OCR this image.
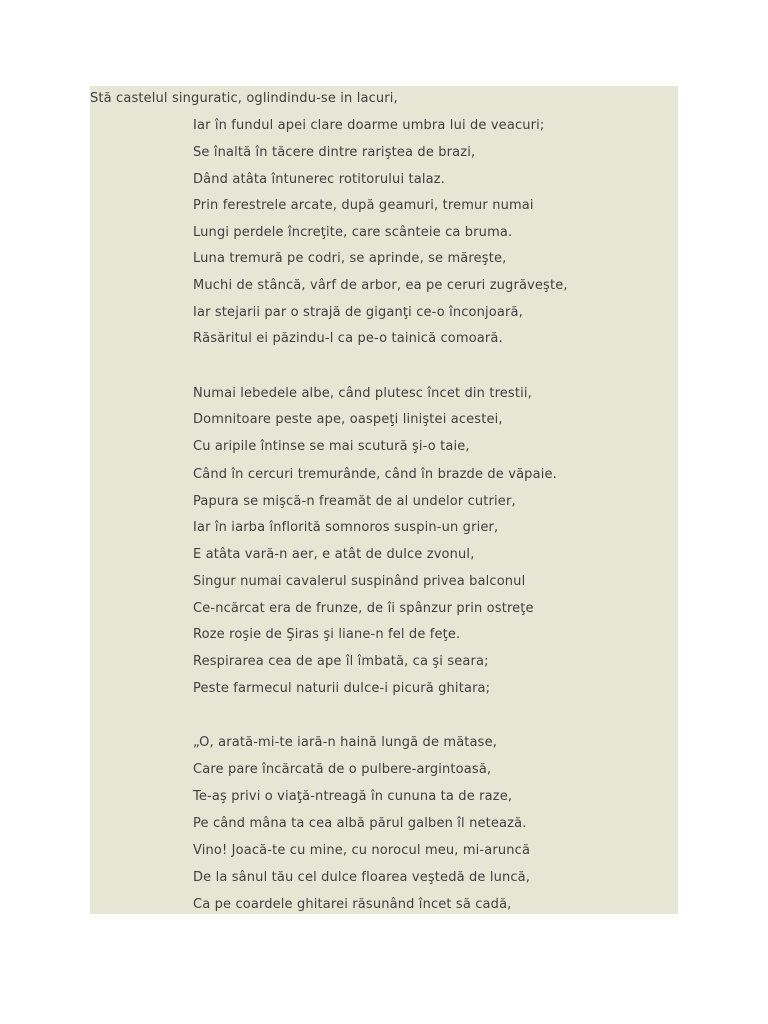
Stă castelul singuratic, oglindindu-se in lacuri,
Iar în fundul apei clare doarme umbra lui de veacuri;
Se înaltă în tăcere dintre rariştea de brazi,
Dând atâta întunerec rotitorului talaz.
Prin ferestrele arcate, după geamuri, tremur numai
Lungi perdele încreţite, care scânteie ca bruma.
Luna tremură pe codri, se aprinde, se măreşte,
Muchi de stâncă, vârf de arbor, ea pe ceruri zugrăveşte,
Iar stejarii par o strajă de giganţi ce-o înconjoară,
Răsăritul ei păzindu-l ca pe-o tainică comoară.
Numai lebedele albe, când plutesc încet din trestii,
Domnitoare peste ape, oaspeţi liniştei acestei,
Cu aripile întinse se mai scutură şi-o taie,
Când în cercuri tremurânde, când în brazde de văpaie.
Papura se mişcă-n freamăt de al undelor cutrier,
Iar în iarba înflorită somnoros suspin-un grier,
E atâta vară-n aer, e atât de dulce zvonul,
Singur numai cavalerul suspinând privea balconul
Ce-ncărcat era de frunze, de îi spânzur prin ostreţe
Roze roşie de Şiras şi liane-n fel de feţe.
Respirarea cea de ape îl îmbată, ca şi seara;
Peste farmecul naturii dulce-i picură ghitara;
„O, arată-mi-te iară-n haină lungă de mătase,
Care pare încărcată de o pulbere-argintoasă,
Te-aş privi o viaţă-ntreagă în cununa ta de raze,
Pe când mâna ta cea albă părul galben îl netează.
Vino! Joacă-te cu mine, cu norocul meu, mi-aruncă
De la sânul tău cel dulce floarea veştedă de luncă,
Ca pe coardele ghitarei răsunând încet să cadă,
